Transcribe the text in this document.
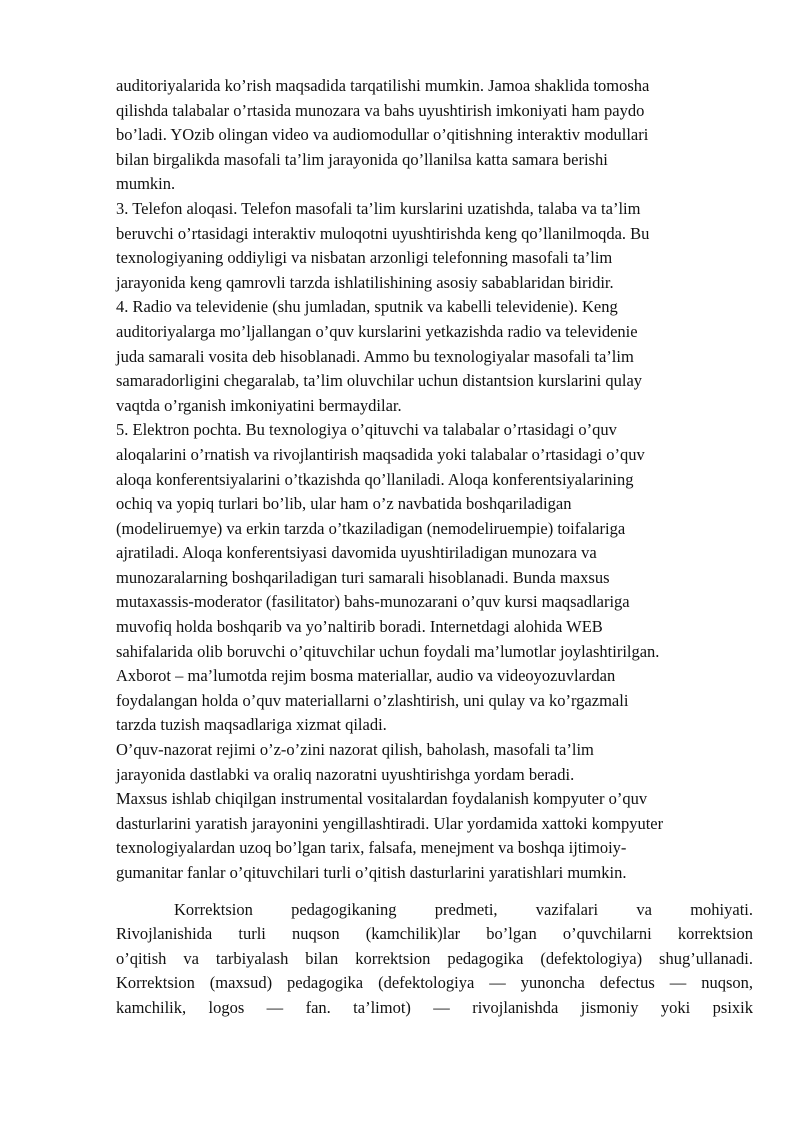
auditoriyalarida ko’rish maqsadida tarqatilishi mumkin. Jamoa shaklida tomosha

qilishda talabalar o’rtasida munozara va bahs uyushtirish imkoniyati ham paydo

bo’ladi. YOzib olingan video va audiomodullar o’qitishning interaktiv modullari

bilan birgalikda masofali ta’lim jarayonida qo’llanilsa katta samara berishi

mumkin.

3. Telefon aloqasi. Telefon masofali ta’lim kurslarini uzatishda, talaba va ta’lim

beruvchi o’rtasidagi interaktiv muloqotni uyushtirishda keng qo’llanilmoqda. Bu

texnologiyaning oddiyligi va nisbatan arzonligi telefonning masofali ta’lim

jarayonida keng qamrovli tarzda ishlatilishining asosiy sabablaridan biridir.

4. Radio va televidenie (shu jumladan, sputnik va kabelli televidenie). Keng

auditoriyalarga mo’ljallangan o’quv kurslarini yetkazishda radio va televidenie

juda samarali vosita deb hisoblanadi. Ammo bu texnologiyalar masofali ta’lim

samaradorligini chegaralab, ta’lim oluvchilar uchun distantsion kurslarini qulay

vaqtda o’rganish imkoniyatini bermaydilar.

5. Elektron pochta. Bu texnologiya o’qituvchi va talabalar o’rtasidagi o’quv

aloqalarini o’rnatish va rivojlantirish maqsadida yoki talabalar o’rtasidagi o’quv

aloqa konferentsiyalarini o’tkazishda qo’llaniladi. Aloqa konferentsiyalarining

ochiq va yopiq turlari bo’lib, ular ham o’z navbatida boshqariladigan

(modeliruemye) va erkin tarzda o’tkaziladigan (nemodeliruempie) toifalariga

ajratiladi. Aloqa konferentsiyasi davomida uyushtiriladigan munozara va

munozaralarning boshqariladigan turi samarali hisoblanadi. Bunda maxsus

mutaxassis-moderator (fasilitator) bahs-munozarani o’quv kursi maqsadlariga

muvofiq holda boshqarib va yo’naltirib boradi. Internetdagi alohida WEB

sahifalarida olib boruvchi o’qituvchilar uchun foydali ma’lumotlar joylashtirilgan.

Axborot – ma’lumotda rejim bosma materiallar, audio va videoyozuvlardan

foydalangan holda o’quv materiallarni o’zlashtirish, uni qulay va ko’rgazmali

tarzda tuzish maqsadlariga xizmat qiladi.

O’quv-nazorat rejimi o’z-o’zini nazorat qilish, baholash, masofali ta’lim

jarayonida dastlabki va oraliq nazoratni uyushtirishga yordam beradi.

Maxsus ishlab chiqilgan instrumental vositalardan foydalanish kompyuter o’quv

dasturlarini yaratish jarayonini yengillashtiradi. Ular yordamida xattoki kompyuter

texnologiyalardan uzoq bo’lgan tarix, falsafa, menejment va boshqa ijtimoiy-

gumanitar fanlar o’qituvchilari turli o’qitish dasturlarini yaratishlari mumkin.

Korrektsion pedagogikaning predmeti, vazifalari va mohiyati.

Rivojlanishida turli nuqson (kamchilik)lar bo’lgan o’quvchilarni korrektsion

o’qitish va tarbiyalash bilan korrektsion pedagogika (defektologiya) shug’ullanadi.

Korrektsion (maxsud) pedagogika (defektologiya — yunoncha defectus — nuqson,

kamchilik, logos — fan. ta’limot) — rivojlanishda jismoniy yoki psixik
